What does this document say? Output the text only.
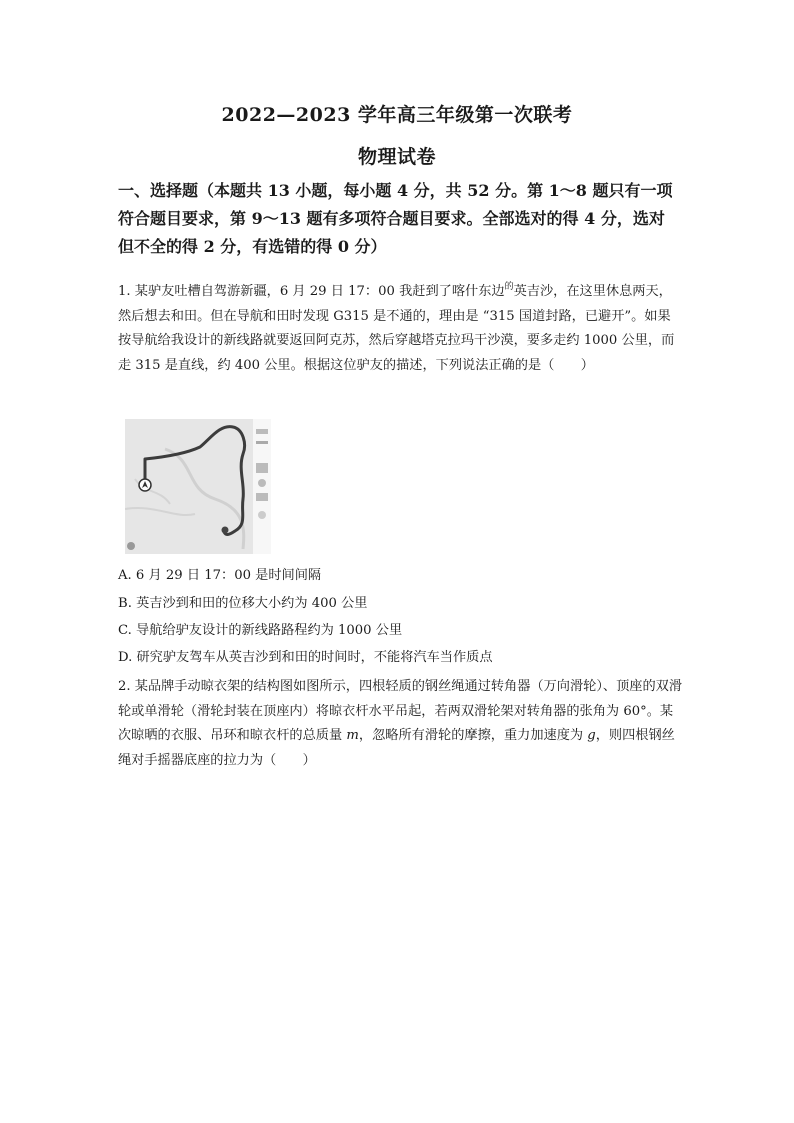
2022—2023 学年高三年级第一次联考
物理试卷
一、选择题（本题共 13 小题，每小题 4 分，共 52 分。第 1～8 题只有一项符合题目要求，第 9～13 题有多项符合题目要求。全部选对的得 4 分，选对但不全的得 2 分，有选错的得 0 分）

1. 某驴友吐槽自驾游新疆，6 月 29 日 17：00 我赶到了喀什东边$^的$英吉沙，在这里休息两天，然后想去和田。但在导航和田时发现 G315 是不通的，理由是 “315 国道封路，已避开”。如果按导航给我设计的新线路就要返回阿克苏，然后穿越塔克拉玛干沙漠，要多走约 1000 公里，而走 315 是直线，约 400 公里。根据这位驴友的描述，下列说法正确的是（　　）

A. 6 月 29 日 17：00 是时间间隔
B. 英吉沙到和田的位移大小约为 400 公里
C. 导航给驴友设计的新线路路程约为 1000 公里
D. 研究驴友驾车从英吉沙到和田的时间时，不能将汽车当作质点

2. 某品牌手动晾衣架的结构图如图所示，四根轻质的钢丝绳通过转角器（万向滑轮）、顶座的双滑轮或单滑轮（滑轮封装在顶座内）将晾衣杆水平吊起，若两双滑轮架对转角器的张角为 60°。某次晾晒的衣服、吊环和晾衣杆的总质量 m，忽略所有滑轮的摩擦，重力加速度为 g，则四根钢丝绳对手摇器底座的拉力为（　　）
